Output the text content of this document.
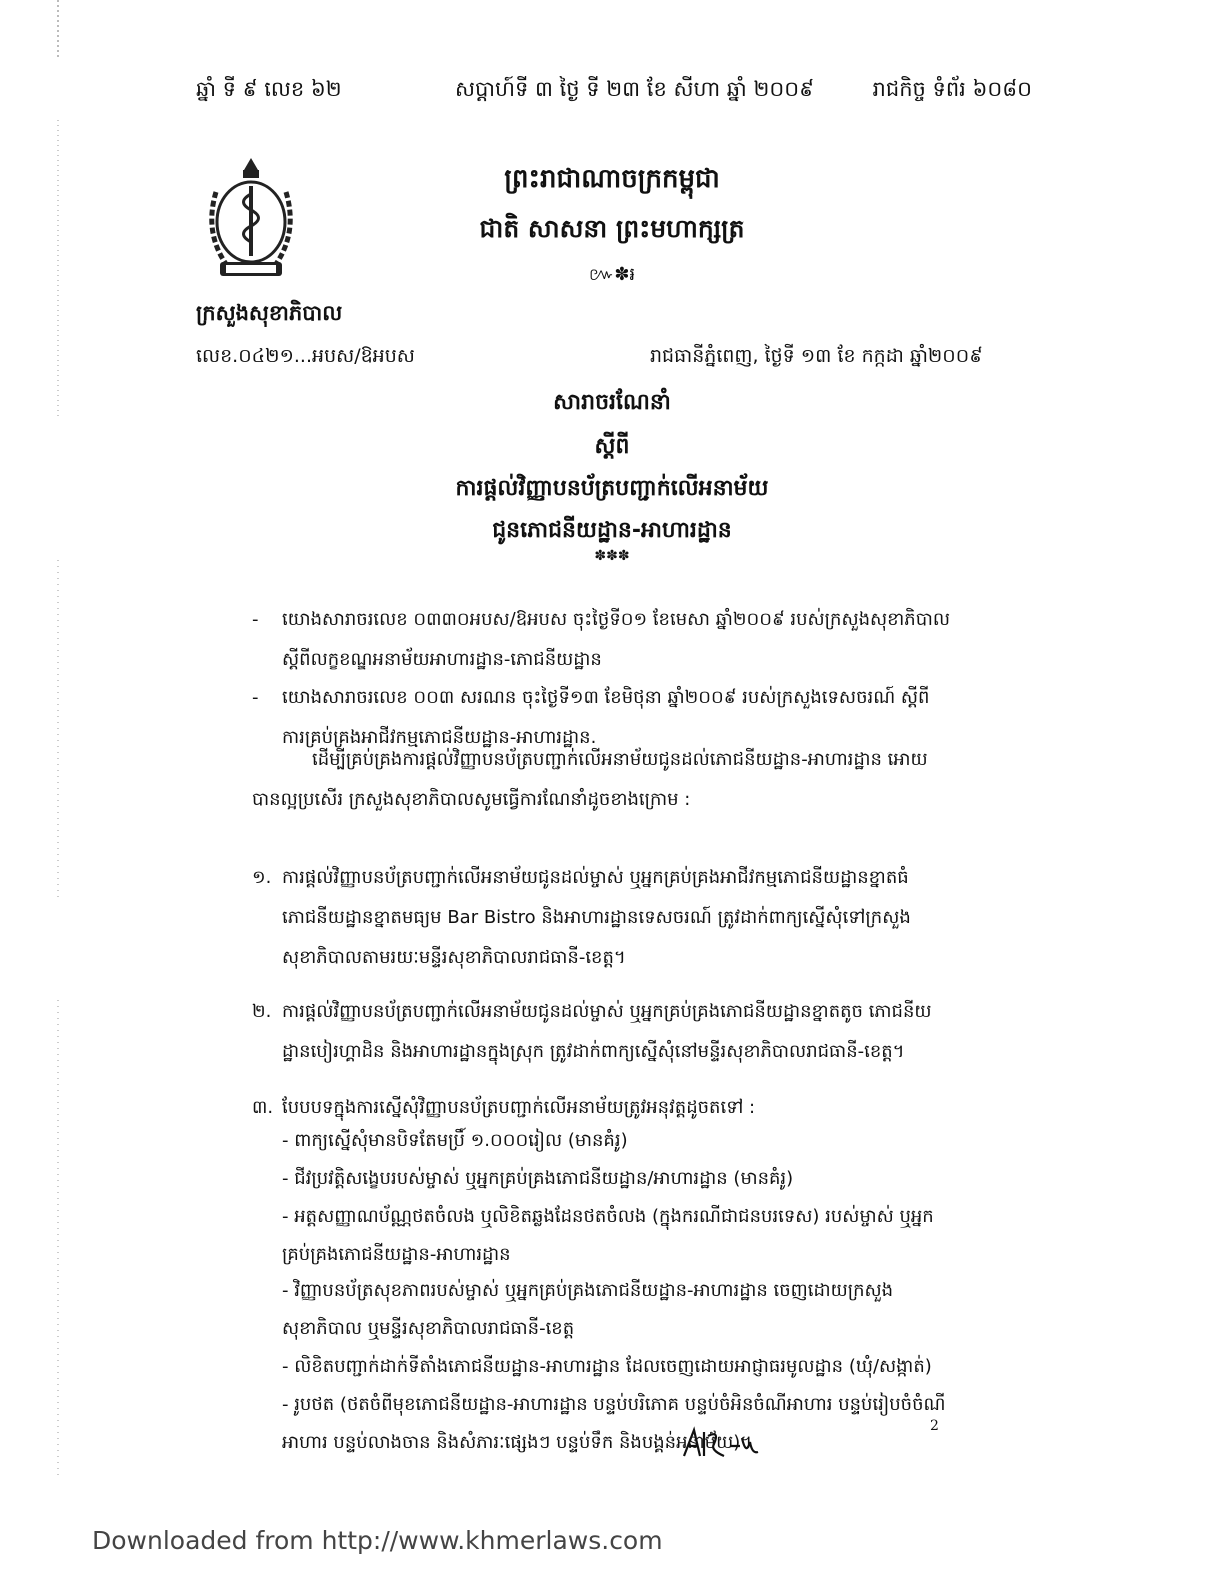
ឆ្នាំ ទី ៩ លេខ ៦២	សប្តាហ៍ទី ៣ ថ្ងៃ ទី ២៣ ខែ សីហា ឆ្នាំ ២០០៩	រាជកិច្ច ទំព័រ ៦០៨០
ព្រះរាជាណាចក្រកម្ពុជា
ជាតិ សាសនា ព្រះមហាក្សត្រ
៚✽៛
ក្រសួងសុខាភិបាល
លេខ.០៤២១...អបស/ឱអបស	រាជធានីភ្នំពេញ, ថ្ងៃទី ១៣ ខែ កក្កដា ឆ្នាំ២០០៩
សារាចរណែនាំ
ស្តីពី
ការផ្តល់វិញ្ញាបនប័ត្របញ្ជាក់លើអនាម័យ
ជូនភោជនីយដ្ឋាន-អាហារដ្ឋាន
✽✽✽
- យោងសារាចរលេខ ០៣៣០អបស/ឱអបស ចុះថ្ងៃទី០១ ខែមេសា ឆ្នាំ២០០៩ របស់ក្រសួងសុខាភិបាល ស្តីពីលក្ខខណ្ឌអនាម័យអាហារដ្ឋាន-ភោជនីយដ្ឋាន
- យោងសារាចរលេខ ០០៣ សរណន ចុះថ្ងៃទី១៣ ខែមិថុនា ឆ្នាំ២០០៩ របស់ក្រសួងទេសចរណ៍ ស្តីពីការគ្រប់គ្រងអាជីវកម្មភោជនីយដ្ឋាន-អាហារដ្ឋាន.
ដើម្បីគ្រប់គ្រងការផ្តល់វិញ្ញាបនប័ត្របញ្ជាក់លើអនាម័យជូនដល់ភោជនីយដ្ឋាន-អាហារដ្ឋាន អោយបានល្អប្រសើរ ក្រសួងសុខាភិបាលសូមធ្វើការណែនាំដូចខាងក្រោម :
១. ការផ្តល់វិញ្ញាបនប័ត្របញ្ជាក់លើអនាម័យជូនដល់ម្ចាស់ ឬអ្នកគ្រប់គ្រងអាជីវកម្មភោជនីយដ្ឋានខ្នាតធំ ភោជនីយដ្ឋានខ្នាតមធ្យម Bar Bistro និងអាហារដ្ឋានទេសចរណ៍ ត្រូវដាក់ពាក្យស្នើសុំទៅក្រសួងសុខាភិបាលតាមរយៈមន្ទីរសុខាភិបាលរាជធានី-ខេត្ត។
២. ការផ្តល់វិញ្ញាបនប័ត្របញ្ជាក់លើអនាម័យជូនដល់ម្ចាស់ ឬអ្នកគ្រប់គ្រងភោជនីយដ្ឋានខ្នាតតូច ភោជនីយដ្ឋានបៀរហ្គាដិន និងអាហារដ្ឋានក្នុងស្រុក ត្រូវដាក់ពាក្យស្នើសុំនៅមន្ទីរសុខាភិបាលរាជធានី-ខេត្ត។
៣. បែបបទក្នុងការស្នើសុំវិញ្ញាបនប័ត្របញ្ជាក់លើអនាម័យត្រូវអនុវត្តដូចតទៅ :
- ពាក្យស្នើសុំមានបិទតែមប្រិ៍ ១.០០០រៀល (មានគំរូ)
- ជីវប្រវត្តិសង្ខេបរបស់ម្ចាស់ ឬអ្នកគ្រប់គ្រងភោជនីយដ្ឋាន/អាហារដ្ឋាន (មានគំរូ)
- អត្តសញ្ញាណប័ណ្ណថតចំលង ឬលិខិតឆ្លងដែនថតចំលង (ក្នុងករណីជាជនបរទេស) របស់ម្ចាស់ ឬអ្នកគ្រប់គ្រងភោជនីយដ្ឋាន-អាហារដ្ឋាន
- វិញ្ញាបនប័ត្រសុខភាពរបស់ម្ចាស់ ឬអ្នកគ្រប់គ្រងភោជនីយដ្ឋាន-អាហារដ្ឋាន ចេញដោយក្រសួងសុខាភិបាល ឬមន្ទីរសុខាភិបាលរាជធានី-ខេត្ត
- លិខិតបញ្ជាក់ដាក់ទីតាំងភោជនីយដ្ឋាន-អាហារដ្ឋាន ដែលចេញដោយអាជ្ញាធរមូលដ្ឋាន (ឃុំ/សង្កាត់)
- រូបថត (ថតចំពីមុខភោជនីយដ្ឋាន-អាហារដ្ឋាន បន្ទប់បរិភោគ បន្ទប់ចំអិនចំណីអាហារ បន្ទប់រៀបចំចំណីអាហារ បន្ទប់លាងចាន និងសំភារៈផ្សេងៗ បន្ទប់ទឹក និងបង្គន់អនាម័យ)។
2
Downloaded from http://www.khmerlaws.com
